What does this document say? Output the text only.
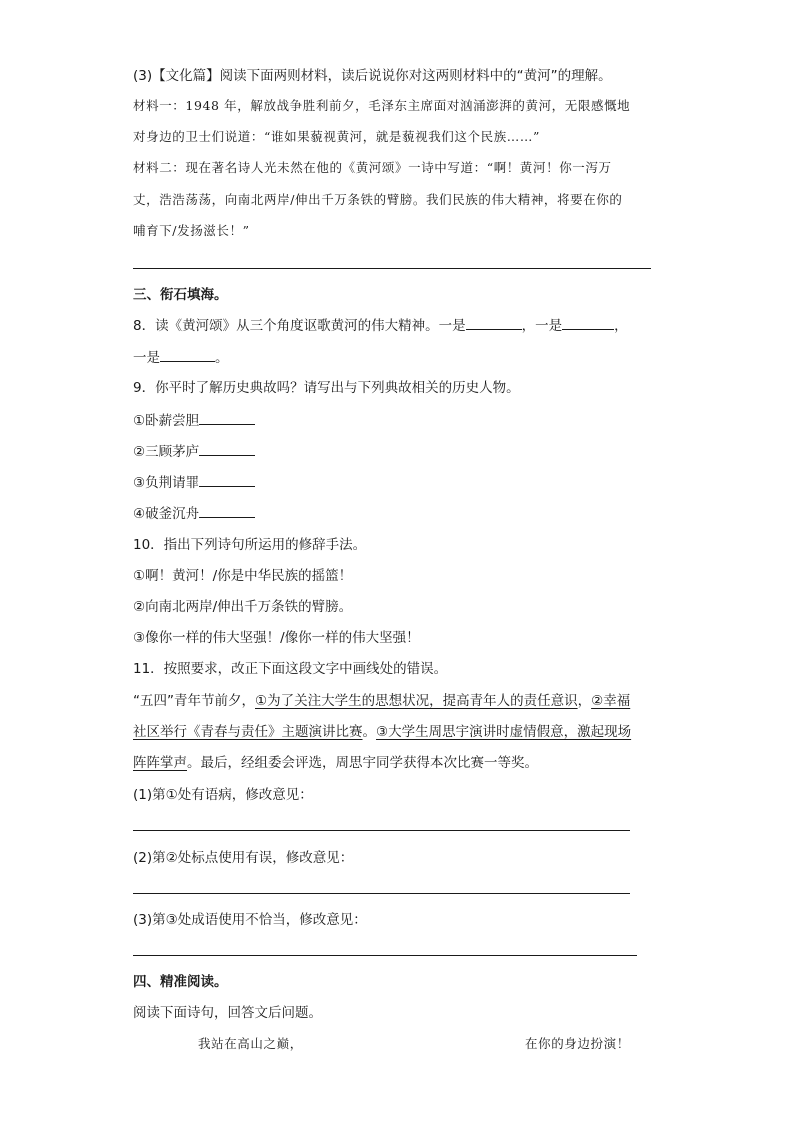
(3)【文化篇】阅读下面两则材料，读后说说你对这两则材料中的“黄河”的理解。
材料一：1948 年，解放战争胜利前夕，毛泽东主席面对汹涌澎湃的黄河，无限感慨地
对身边的卫士们说道：“谁如果藐视黄河，就是藐视我们这个民族……”
材料二：现在著名诗人光未然在他的《黄河颂》一诗中写道：“啊！黄河！你一泻万
丈，浩浩荡荡，向南北两岸/伸出千万条铁的臂膀。我们民族的伟大精神，将要在你的
哺育下/发扬滋长！”
三、衔石填海。
8．读《黄河颂》从三个角度讴歌黄河的伟大精神。一是	，一是	，
一是	。
9．你平时了解历史典故吗？请写出与下列典故相关的历史人物。
①卧薪尝胆
②三顾茅庐
③负荆请罪
④破釜沉舟
10．指出下列诗句所运用的修辞手法。
①啊！黄河！/你是中华民族的摇篮！
②向南北两岸/伸出千万条铁的臂膀。
③像你一样的伟大坚强！/像你一样的伟大坚强！
11．按照要求，改正下面这段文字中画线处的错误。
“五四”青年节前夕，①为了关注大学生的思想状况，提高青年人的责任意识，②幸福
社区举行《青春与责任》主题演讲比赛。③大学生周思宇演讲时虚情假意，激起现场
阵阵掌声。最后，经组委会评选，周思宇同学获得本次比赛一等奖。
(1)第①处有语病，修改意见：
(2)第②处标点使用有误，修改意见：
(3)第③处成语使用不恰当，修改意见：
四、精准阅读。
阅读下面诗句，回答文后问题。
我站在高山之巅，	在你的身边扮演！
